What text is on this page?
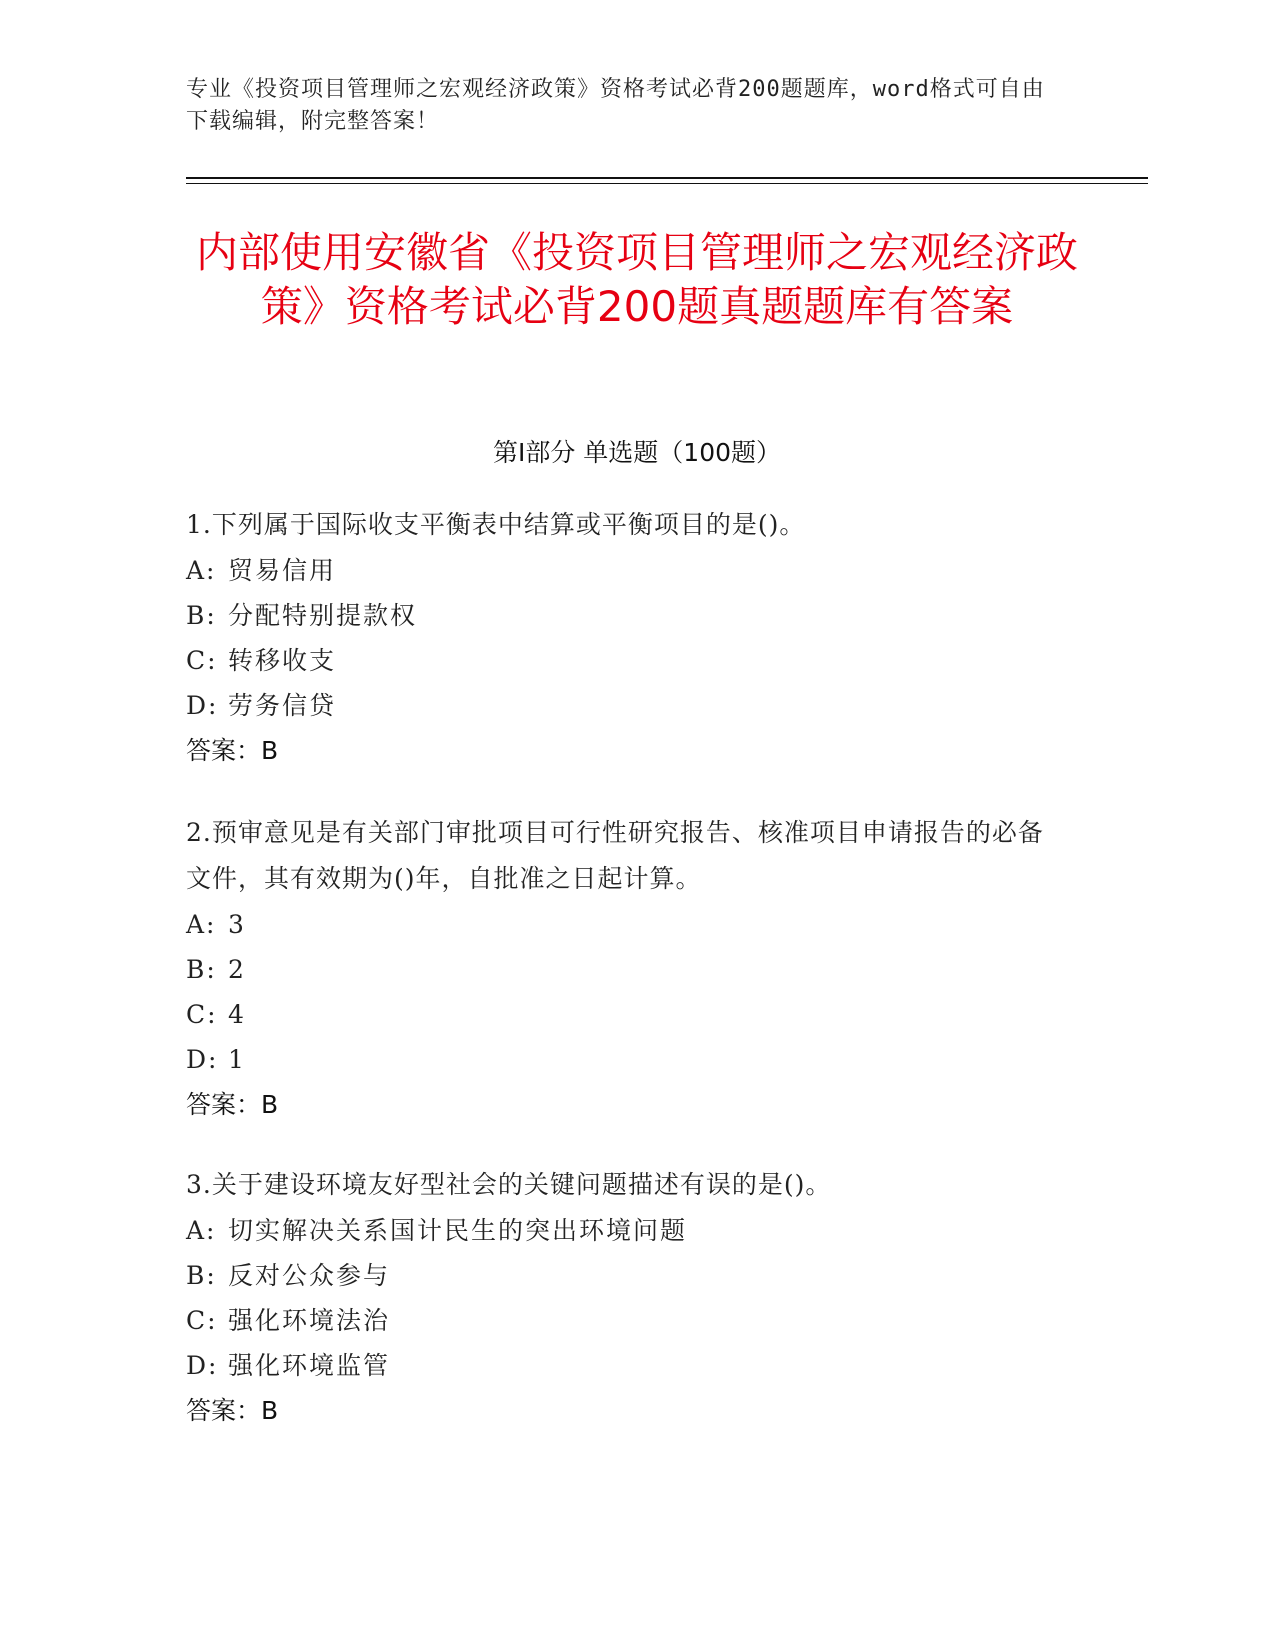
专业《投资项目管理师之宏观经济政策》资格考试必背200题题库，word格式可自由下载编辑，附完整答案！
内部使用安徽省《投资项目管理师之宏观经济政策》资格考试必背200题真题题库有答案
第I部分 单选题（100题）
1.下列属于国际收支平衡表中结算或平衡项目的是()。
A: 贸易信用
B: 分配特别提款权
C: 转移收支
D: 劳务信贷
答案：B
2.预审意见是有关部门审批项目可行性研究报告、核准项目申请报告的必备文件，其有效期为()年，自批准之日起计算。
A: 3
B: 2
C: 4
D: 1
答案：B
3.关于建设环境友好型社会的关键问题描述有误的是()。
A: 切实解决关系国计民生的突出环境问题
B: 反对公众参与
C: 强化环境法治
D: 强化环境监管
答案：B
